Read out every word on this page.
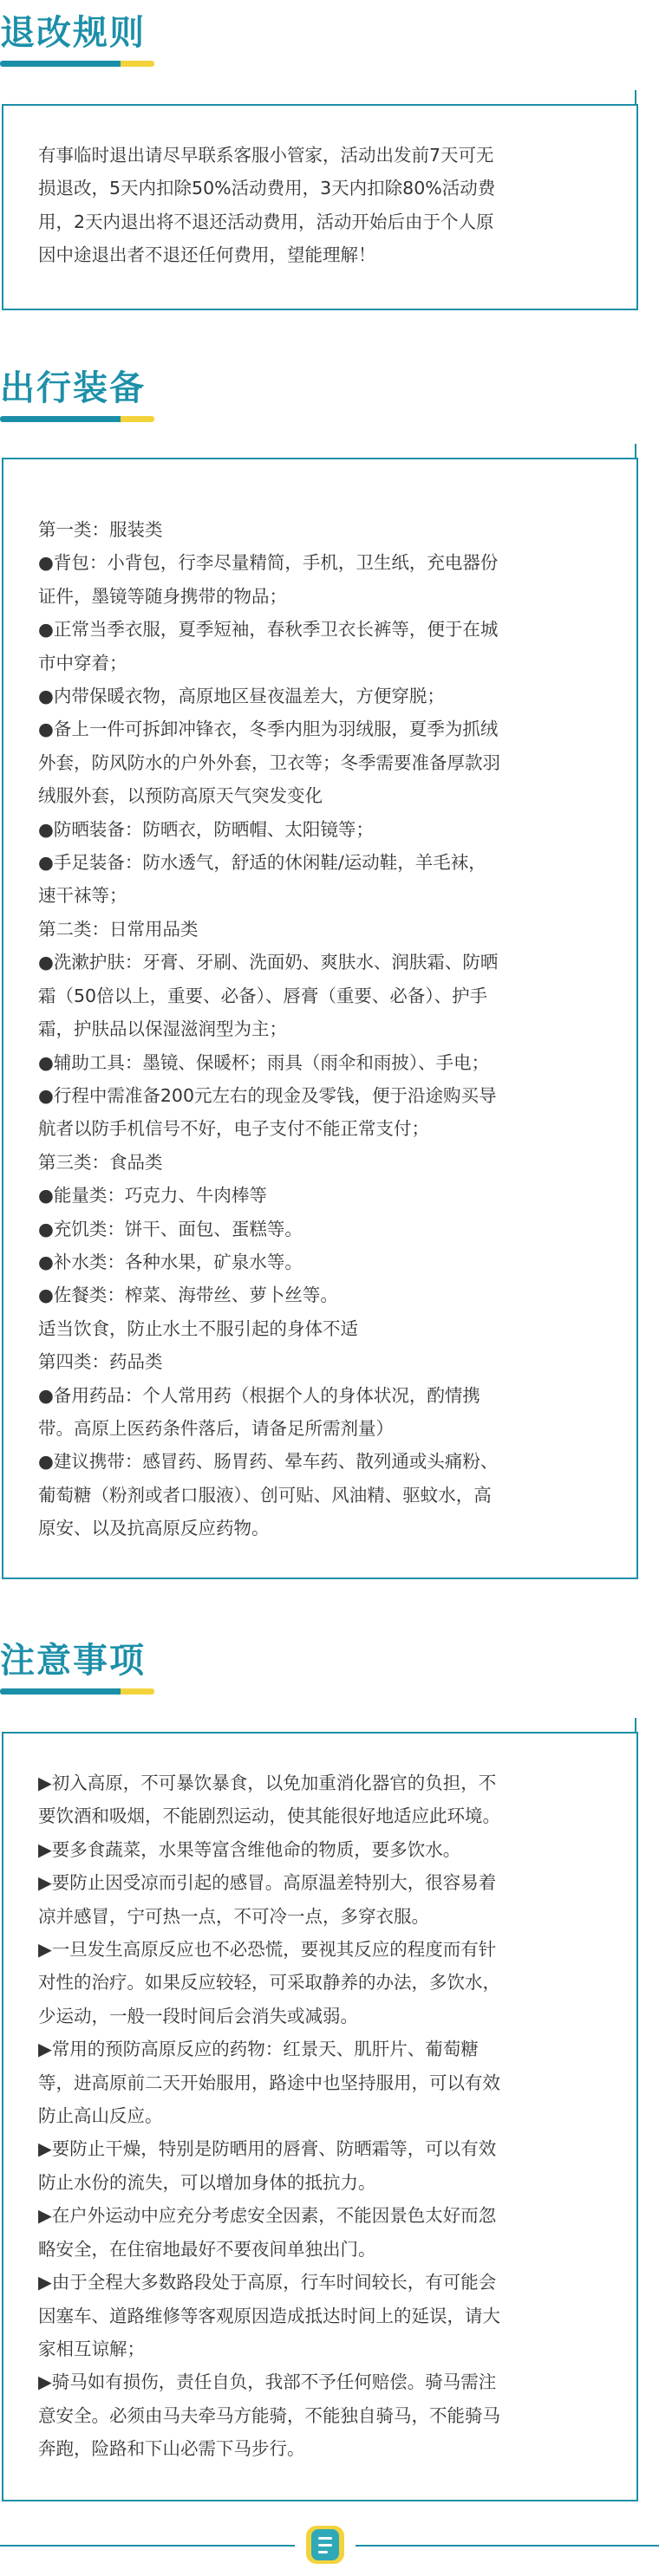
退改规则

有事临时退出请尽早联系客服小管家，活动出发前7天可无

损退改，5天内扣除50%活动费用，3天内扣除80%活动费

用，2天内退出将不退还活动费用，活动开始后由于个人原

因中途退出者不退还任何费用，望能理解！

出行装备

第一类：服装类

●背包：小背包，行李尽量精简，手机，卫生纸，充电器份

证件，墨镜等随身携带的物品；

●正常当季衣服，夏季短袖，春秋季卫衣长裤等，便于在城

市中穿着；

●内带保暖衣物，高原地区昼夜温差大，方便穿脱；

●备上一件可拆卸冲锋衣，冬季内胆为羽绒服，夏季为抓绒

外套，防风防水的户外外套，卫衣等；冬季需要准备厚款羽

绒服外套，以预防高原天气突发变化

●防晒装备：防晒衣，防晒帽、太阳镜等；

●手足装备：防水透气，舒适的休闲鞋/运动鞋，羊毛袜，

速干袜等；

第二类：日常用品类

●洗漱护肤：牙膏、牙刷、洗面奶、爽肤水、润肤霜、防晒

霜（50倍以上，重要、必备）、唇膏（重要、必备）、护手

霜，护肤品以保湿滋润型为主；

●辅助工具：墨镜、保暖杯；雨具（雨伞和雨披）、手电；

●行程中需准备200元左右的现金及零钱，便于沿途购买导

航者以防手机信号不好，电子支付不能正常支付；

第三类：食品类

●能量类：巧克力、牛肉棒等

●充饥类：饼干、面包、蛋糕等。

●补水类：各种水果，矿泉水等。

●佐餐类：榨菜、海带丝、萝卜丝等。

适当饮食，防止水土不服引起的身体不适

第四类：药品类

●备用药品：个人常用药（根据个人的身体状况，酌情携

带。高原上医药条件落后，请备足所需剂量）

●建议携带：感冒药、肠胃药、晕车药、散列通或头痛粉、

葡萄糖（粉剂或者口服液）、创可贴、风油精、驱蚊水，高

原安、以及抗高原反应药物。

注意事项

▶初入高原，不可暴饮暴食，以免加重消化器官的负担，不

要饮酒和吸烟，不能剧烈运动，使其能很好地适应此环境。

▶要多食蔬菜，水果等富含维他命的物质，要多饮水。

▶要防止因受凉而引起的感冒。高原温差特别大，很容易着

凉并感冒，宁可热一点，不可冷一点，多穿衣服。

▶一旦发生高原反应也不必恐慌，要视其反应的程度而有针

对性的治疗。如果反应较轻，可采取静养的办法，多饮水，

少运动，一般一段时间后会消失或减弱。

▶常用的预防高原反应的药物：红景天、肌肝片、葡萄糖

等，进高原前二天开始服用，路途中也坚持服用，可以有效

防止高山反应。

▶要防止干燥，特别是防晒用的唇膏、防晒霜等，可以有效

防止水份的流失，可以增加身体的抵抗力。

▶在户外运动中应充分考虑安全因素，不能因景色太好而忽

略安全，在住宿地最好不要夜间单独出门。

▶由于全程大多数路段处于高原，行车时间较长，有可能会

因塞车、道路维修等客观原因造成抵达时间上的延误，请大

家相互谅解；

▶骑马如有损伤，责任自负，我部不予任何赔偿。骑马需注

意安全。必须由马夫牵马方能骑，不能独自骑马，不能骑马

奔跑，险路和下山必需下马步行。
